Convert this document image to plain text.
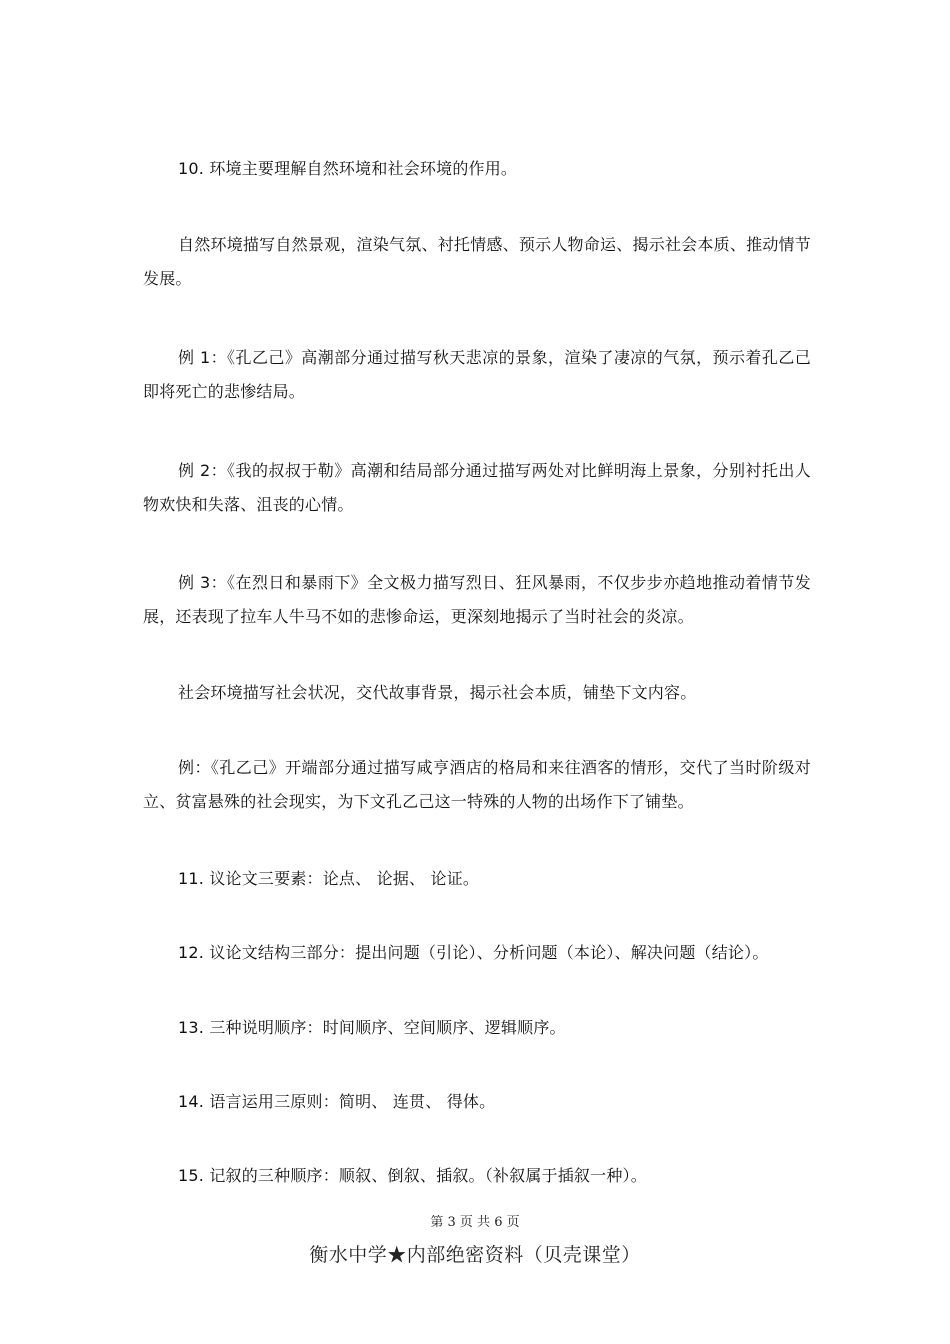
10. 环境主要理解自然环境和社会环境的作用。

自然环境描写自然景观，渲染气氛、衬托情感、预示人物命运、揭示社会本质、推动情节发展。

例 1：《孔乙己》高潮部分通过描写秋天悲凉的景象，渲染了凄凉的气氛，预示着孔乙己即将死亡的悲惨结局。

例 2：《我的叔叔于勒》高潮和结局部分通过描写两处对比鲜明海上景象，分别衬托出人物欢快和失落、沮丧的心情。

例 3：《在烈日和暴雨下》全文极力描写烈日、狂风暴雨，不仅步步亦趋地推动着情节发展，还表现了拉车人牛马不如的悲惨命运，更深刻地揭示了当时社会的炎凉。

社会环境描写社会状况，交代故事背景，揭示社会本质，铺垫下文内容。

例：《孔乙己》开端部分通过描写咸亨酒店的格局和来往酒客的情形，交代了当时阶级对立、贫富悬殊的社会现实，为下文孔乙己这一特殊的人物的出场作下了铺垫。

11. 议论文三要素：论点、 论据、 论证。

12. 议论文结构三部分：提出问题（引论）、分析问题（本论）、解决问题（结论）。

13. 三种说明顺序：时间顺序、空间顺序、逻辑顺序。

14. 语言运用三原则：简明、 连贯、 得体。

15. 记叙的三种顺序：顺叙、倒叙、插叙。（补叙属于插叙一种）。

第 3 页 共 6 页
衡水中学★内部绝密资料（贝壳课堂）
